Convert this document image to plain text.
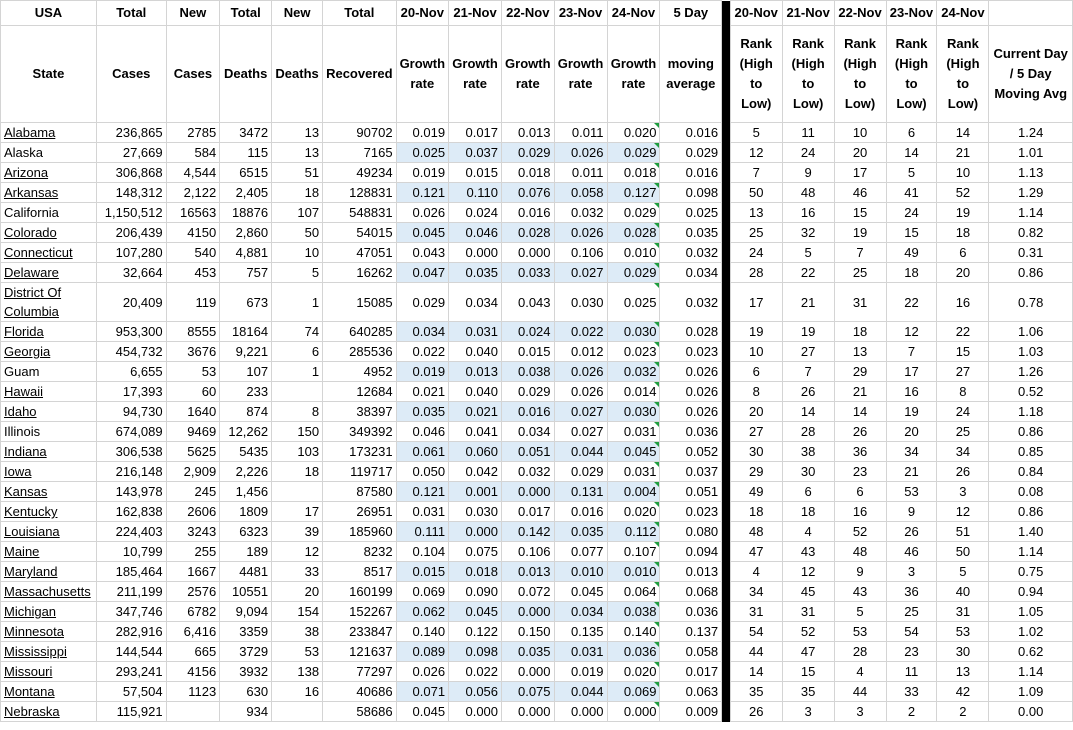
USA	Total	New	Total	New	Total	20-Nov	21-Nov	22-Nov	23-Nov	24-Nov	5 Day		20-Nov	21-Nov	22-Nov	23-Nov	24-Nov	
State	Cases	Cases	Deaths	Deaths	Recovered	Growth rate	Growth rate	Growth rate	Growth rate	Growth rate	moving average		Rank (High to Low)	Rank (High to Low)	Rank (High to Low)	Rank (High to Low)	Rank (High to Low)	Current Day / 5 Day Moving Avg
Alabama	236,865	2785	3472	13	90702	0.019	0.017	0.013	0.011	0.020	0.016		5	11	10	6	14	1.24
Alaska	27,669	584	115	13	7165	0.025	0.037	0.029	0.026	0.029	0.029		12	24	20	14	21	1.01
Arizona	306,868	4,544	6515	51	49234	0.019	0.015	0.018	0.011	0.018	0.016		7	9	17	5	10	1.13
Arkansas	148,312	2,122	2,405	18	128831	0.121	0.110	0.076	0.058	0.127	0.098		50	48	46	41	52	1.29
California	1,150,512	16563	18876	107	548831	0.026	0.024	0.016	0.032	0.029	0.025		13	16	15	24	19	1.14
Colorado	206,439	4150	2,860	50	54015	0.045	0.046	0.028	0.026	0.028	0.035		25	32	19	15	18	0.82
Connecticut	107,280	540	4,881	10	47051	0.043	0.000	0.000	0.106	0.010	0.032		24	5	7	49	6	0.31
Delaware	32,664	453	757	5	16262	0.047	0.035	0.033	0.027	0.029	0.034		28	22	25	18	20	0.86
District Of Columbia	20,409	119	673	1	15085	0.029	0.034	0.043	0.030	0.025	0.032		17	21	31	22	16	0.78
Florida	953,300	8555	18164	74	640285	0.034	0.031	0.024	0.022	0.030	0.028		19	19	18	12	22	1.06
Georgia	454,732	3676	9,221	6	285536	0.022	0.040	0.015	0.012	0.023	0.023		10	27	13	7	15	1.03
Guam	6,655	53	107	1	4952	0.019	0.013	0.038	0.026	0.032	0.026		6	7	29	17	27	1.26
Hawaii	17,393	60	233		12684	0.021	0.040	0.029	0.026	0.014	0.026		8	26	21	16	8	0.52
Idaho	94,730	1640	874	8	38397	0.035	0.021	0.016	0.027	0.030	0.026		20	14	14	19	24	1.18
Illinois	674,089	9469	12,262	150	349392	0.046	0.041	0.034	0.027	0.031	0.036		27	28	26	20	25	0.86
Indiana	306,538	5625	5435	103	173231	0.061	0.060	0.051	0.044	0.045	0.052		30	38	36	34	34	0.85
Iowa	216,148	2,909	2,226	18	119717	0.050	0.042	0.032	0.029	0.031	0.037		29	30	23	21	26	0.84
Kansas	143,978	245	1,456		87580	0.121	0.001	0.000	0.131	0.004	0.051		49	6	6	53	3	0.08
Kentucky	162,838	2606	1809	17	26951	0.031	0.030	0.017	0.016	0.020	0.023		18	18	16	9	12	0.86
Louisiana	224,403	3243	6323	39	185960	0.111	0.000	0.142	0.035	0.112	0.080		48	4	52	26	51	1.40
Maine	10,799	255	189	12	8232	0.104	0.075	0.106	0.077	0.107	0.094		47	43	48	46	50	1.14
Maryland	185,464	1667	4481	33	8517	0.015	0.018	0.013	0.010	0.010	0.013		4	12	9	3	5	0.75
Massachusetts	211,199	2576	10551	20	160199	0.069	0.090	0.072	0.045	0.064	0.068		34	45	43	36	40	0.94
Michigan	347,746	6782	9,094	154	152267	0.062	0.045	0.000	0.034	0.038	0.036		31	31	5	25	31	1.05
Minnesota	282,916	6,416	3359	38	233847	0.140	0.122	0.150	0.135	0.140	0.137		54	52	53	54	53	1.02
Mississippi	144,544	665	3729	53	121637	0.089	0.098	0.035	0.031	0.036	0.058		44	47	28	23	30	0.62
Missouri	293,241	4156	3932	138	77297	0.026	0.022	0.000	0.019	0.020	0.017		14	15	4	11	13	1.14
Montana	57,504	1123	630	16	40686	0.071	0.056	0.075	0.044	0.069	0.063		35	35	44	33	42	1.09
Nebraska	115,921		934		58686	0.045	0.000	0.000	0.000	0.000	0.009		26	3	3	2	2	0.00
